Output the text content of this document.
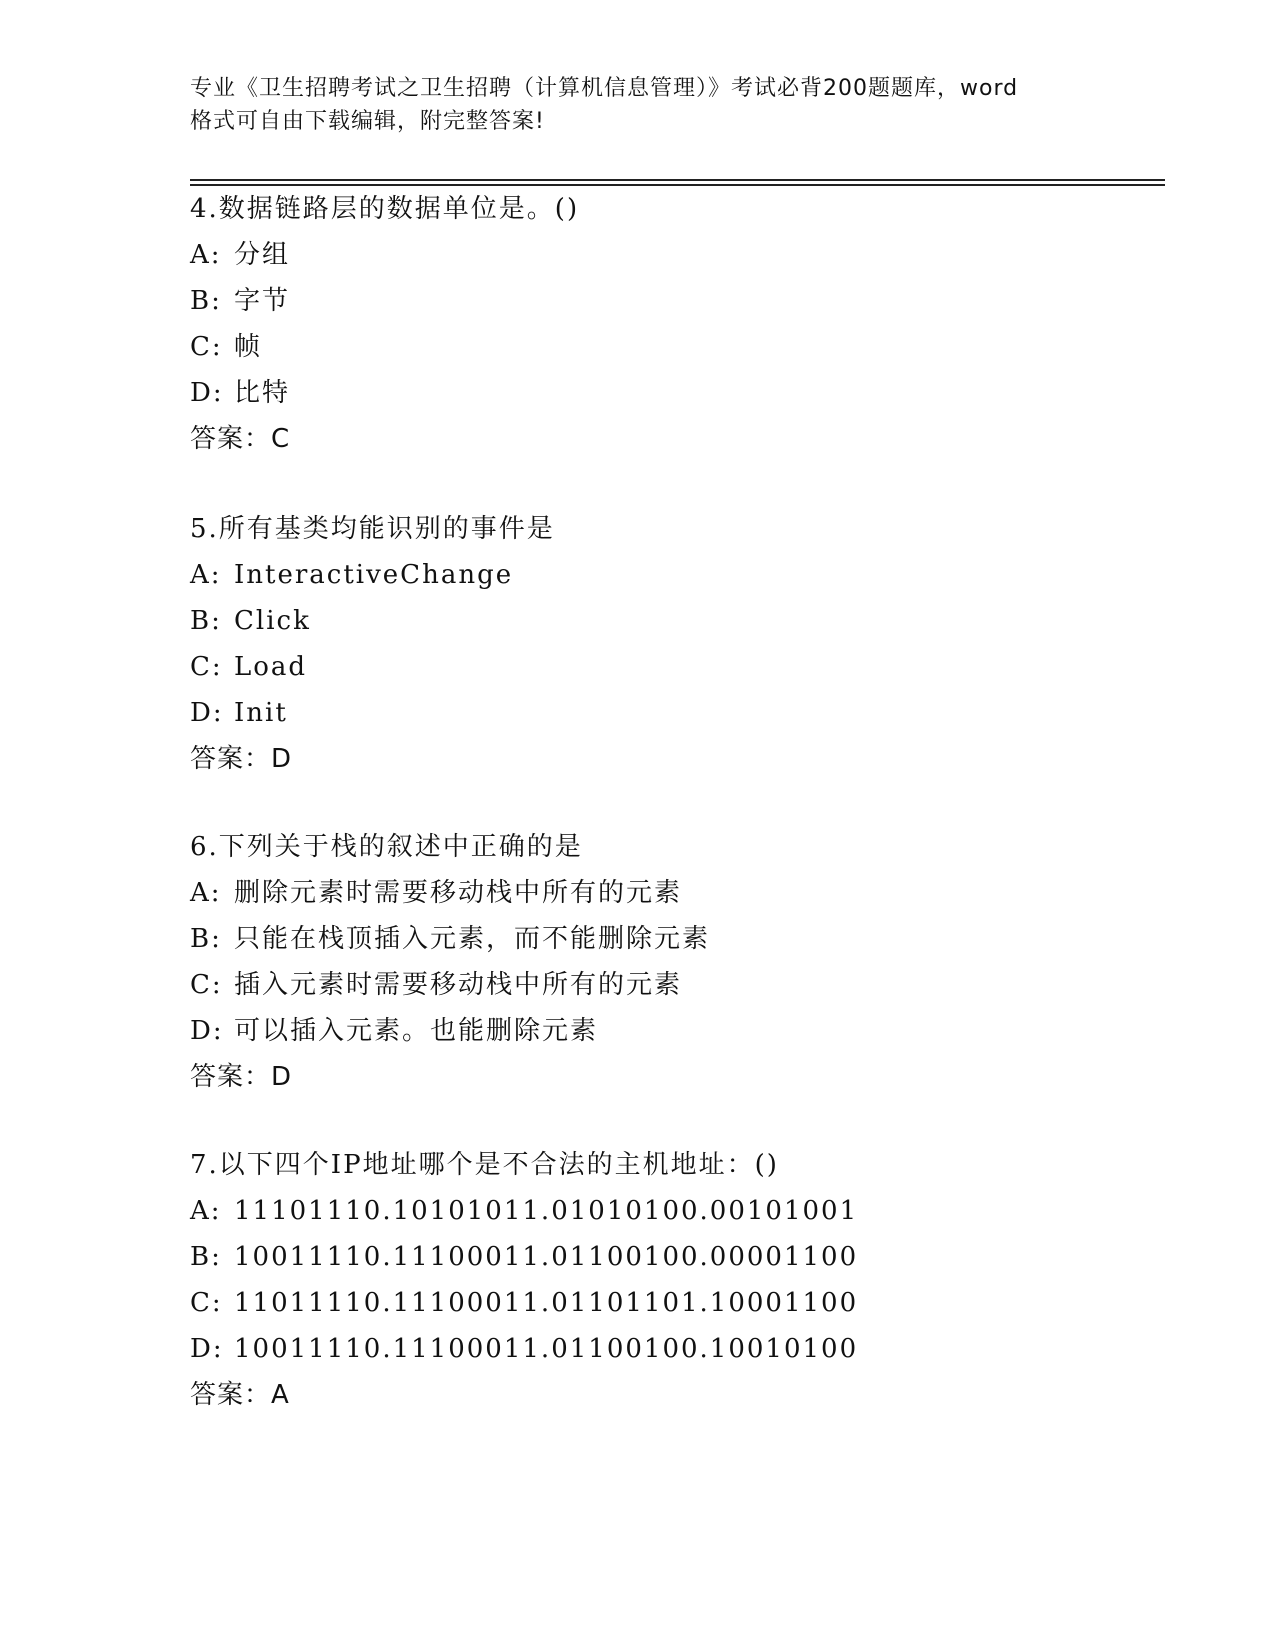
专业《卫生招聘考试之卫生招聘（计算机信息管理）》考试必背200题题库，word
格式可自由下载编辑，附完整答案!
4.数据链路层的数据单位是。()
A: 分组
B: 字节
C: 帧
D: 比特
答案：C
5.所有基类均能识别的事件是
A: InteractiveChange
B: Click
C: Load
D: Init
答案：D
6.下列关于栈的叙述中正确的是
A: 删除元素时需要移动栈中所有的元素
B: 只能在栈顶插入元素，而不能删除元素
C: 插入元素时需要移动栈中所有的元素
D: 可以插入元素。也能删除元素
答案：D
7.以下四个IP地址哪个是不合法的主机地址：()
A: 11101110.10101011.01010100.00101001
B: 10011110.11100011.01100100.00001100
C: 11011110.11100011.01101101.10001100
D: 10011110.11100011.01100100.10010100
答案：A
